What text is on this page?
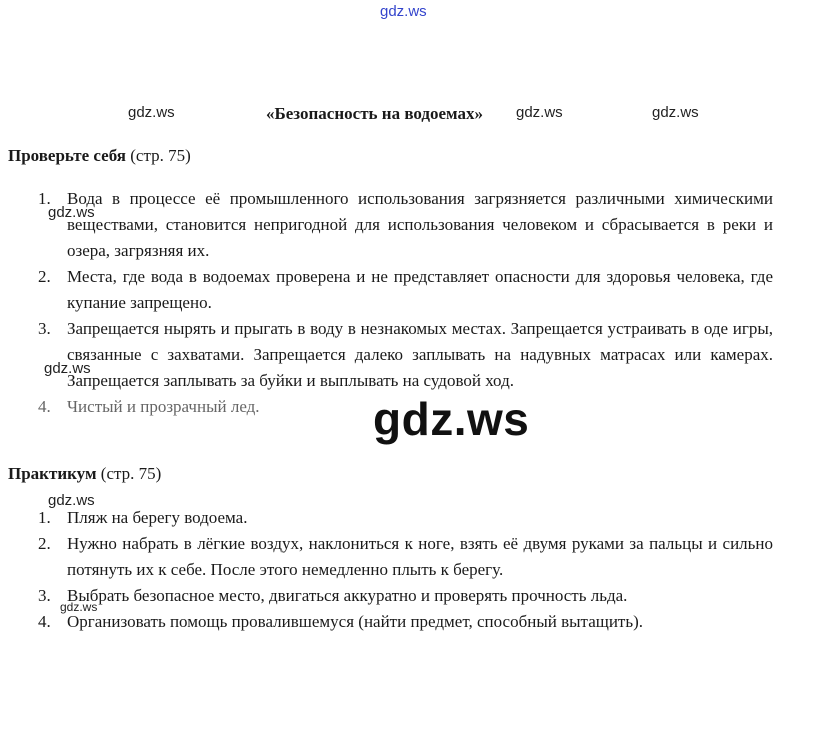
gdz.ws
gdz.ws	gdz.ws	gdz.ws
«Безопасность на водоемах»
Проверьте себя (стр. 75)
1. Вода в процессе её промышленного использования загрязняется различными химическими веществами, становится непригодной для использования человеком и сбрасывается в реки и озера, загрязняя их.
2. Места, где вода в водоемах проверена и не представляет опасности для здоровья человека, где купание запрещено.
3. Запрещается нырять и прыгать в воду в незнакомых местах. Запрещается устраивать в оде игры, связанные с захватами. Запрещается далеко заплывать на надувных матрасах или камерах. Запрещается заплывать за буйки и выплывать на судовой ход.
4. Чистый и прозрачный лед.
gdz.ws
gdz.ws
gdz.ws
Практикум (стр. 75)
gdz.ws
1. Пляж на берегу водоема.
2. Нужно набрать в лёгкие воздух, наклониться к ноге, взять её двумя руками за пальцы и сильно потянуть их к себе. После этого немедленно плыть к берегу.
3. Выбрать безопасное место, двигаться аккуратно и проверять прочность льда.
4. Организовать помощь провалившемуся (найти предмет, способный вытащить).
gdz.ws
